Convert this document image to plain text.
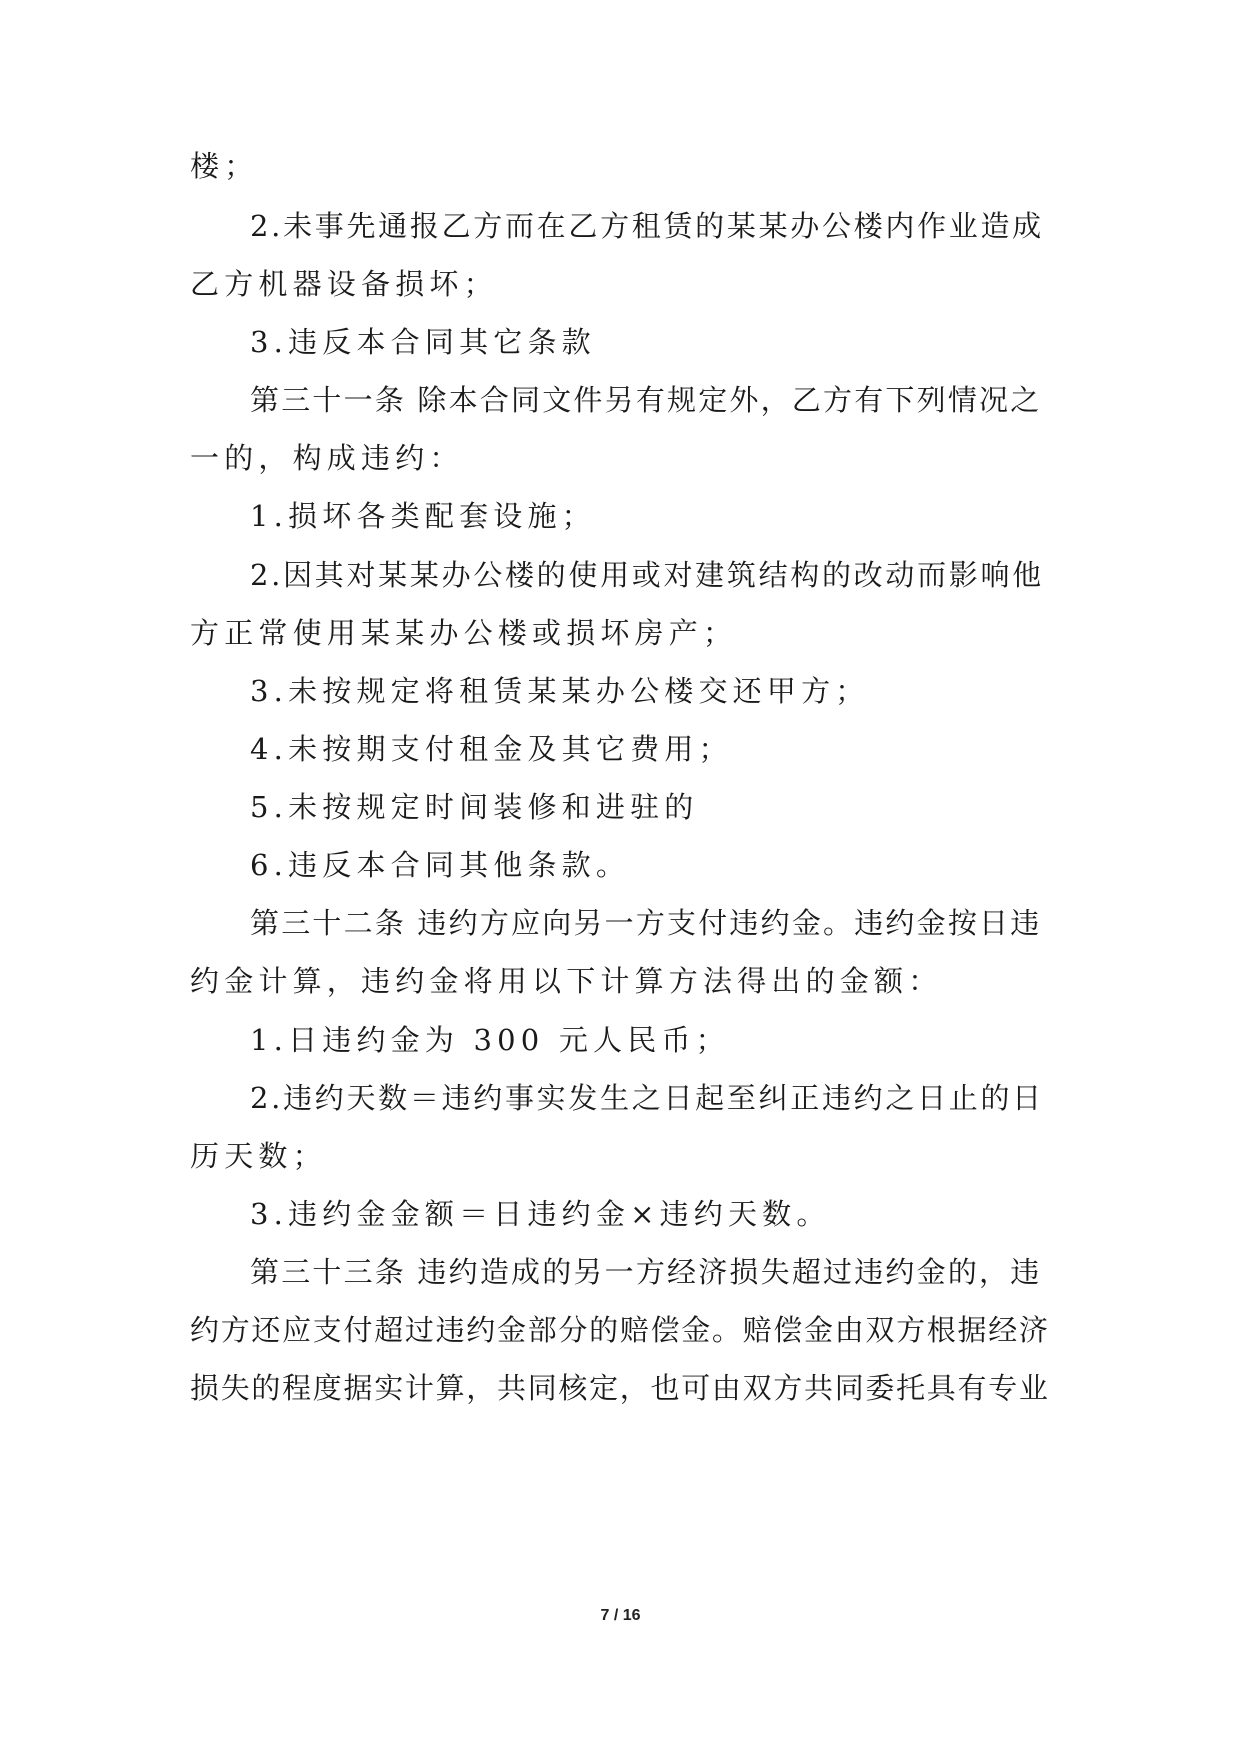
楼；
2.未事先通报乙方而在乙方租赁的某某办公楼内作业造成
乙方机器设备损坏；
3.违反本合同其它条款
第三十一条 除本合同文件另有规定外，乙方有下列情况之
一的，构成违约：
1.损坏各类配套设施；
2.因其对某某办公楼的使用或对建筑结构的改动而影响他
方正常使用某某办公楼或损坏房产；
3.未按规定将租赁某某办公楼交还甲方；
4.未按期支付租金及其它费用；
5.未按规定时间装修和进驻的
6.违反本合同其他条款。
第三十二条 违约方应向另一方支付违约金。违约金按日违
约金计算，违约金将用以下计算方法得出的金额：
1.日违约金为 300 元人民币；
2.违约天数＝违约事实发生之日起至纠正违约之日止的日
历天数；
3.违约金金额＝日违约金×违约天数。
第三十三条 违约造成的另一方经济损失超过违约金的，违
约方还应支付超过违约金部分的赔偿金。赔偿金由双方根据经济
损失的程度据实计算，共同核定，也可由双方共同委托具有专业
7 / 16
